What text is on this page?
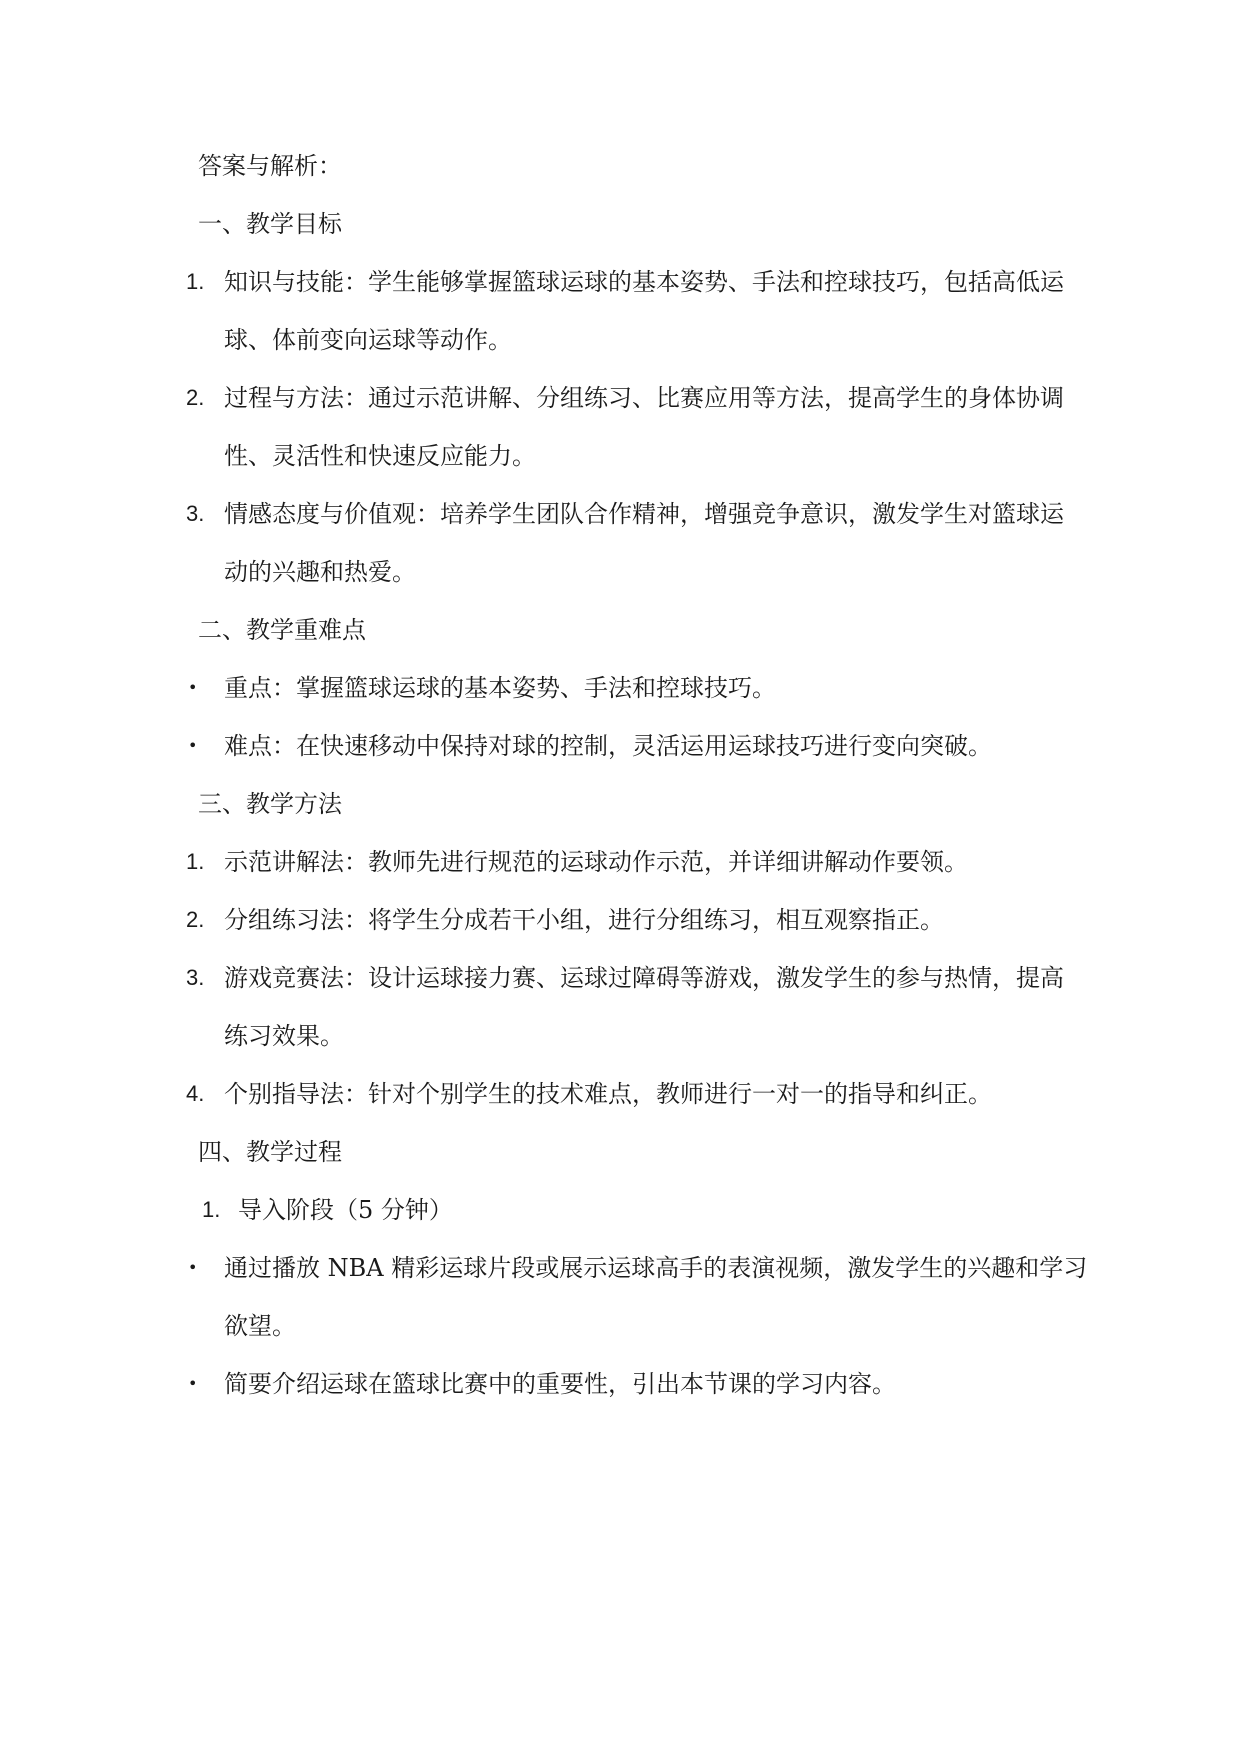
答案与解析：
一、教学目标
1. 知识与技能：学生能够掌握篮球运球的基本姿势、手法和控球技巧，包括高低运
球、体前变向运球等动作。
2. 过程与方法：通过示范讲解、分组练习、比赛应用等方法，提高学生的身体协调
性、灵活性和快速反应能力。
3. 情感态度与价值观：培养学生团队合作精神，增强竞争意识，激发学生对篮球运
动的兴趣和热爱。
二、教学重难点
• 重点：掌握篮球运球的基本姿势、手法和控球技巧。
• 难点：在快速移动中保持对球的控制，灵活运用运球技巧进行变向突破。
三、教学方法
1. 示范讲解法：教师先进行规范的运球动作示范，并详细讲解动作要领。
2. 分组练习法：将学生分成若干小组，进行分组练习，相互观察指正。
3. 游戏竞赛法：设计运球接力赛、运球过障碍等游戏，激发学生的参与热情，提高
练习效果。
4. 个别指导法：针对个别学生的技术难点，教师进行一对一的指导和纠正。
四、教学过程
1. 导入阶段（5 分钟）
• 通过播放 NBA 精彩运球片段或展示运球高手的表演视频，激发学生的兴趣和学习
欲望。
• 简要介绍运球在篮球比赛中的重要性，引出本节课的学习内容。
